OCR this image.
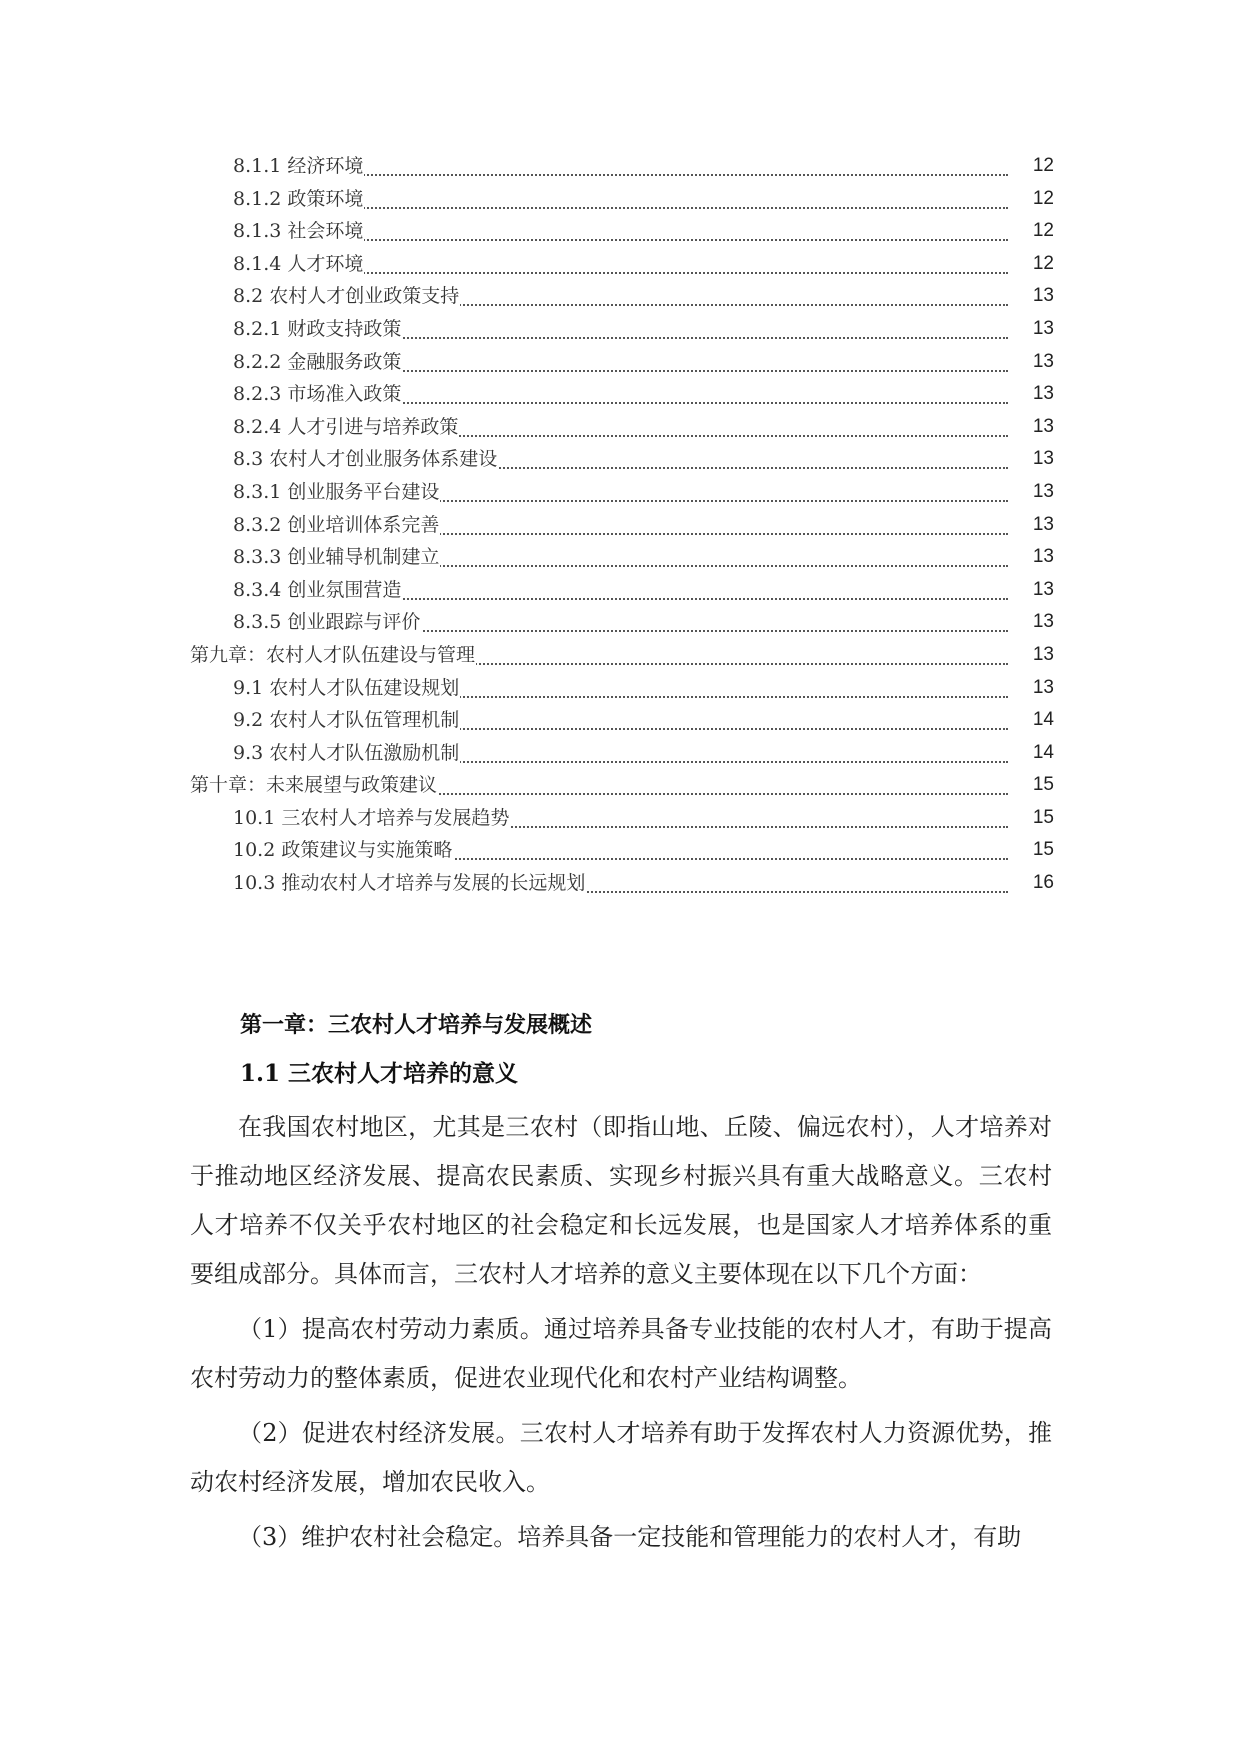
8.1.1 经济环境	12
8.1.2 政策环境	12
8.1.3 社会环境	12
8.1.4 人才环境	12
8.2 农村人才创业政策支持	13
8.2.1 财政支持政策	13
8.2.2 金融服务政策	13
8.2.3 市场准入政策	13
8.2.4 人才引进与培养政策	13
8.3 农村人才创业服务体系建设	13
8.3.1 创业服务平台建设	13
8.3.2 创业培训体系完善	13
8.3.3 创业辅导机制建立	13
8.3.4 创业氛围营造	13
8.3.5 创业跟踪与评价	13
第九章：农村人才队伍建设与管理	13
9.1 农村人才队伍建设规划	13
9.2 农村人才队伍管理机制	14
9.3 农村人才队伍激励机制	14
第十章：未来展望与政策建议	15
10.1 三农村人才培养与发展趋势	15
10.2 政策建议与实施策略	15
10.3 推动农村人才培养与发展的长远规划	16
第一章：三农村人才培养与发展概述
1.1 三农村人才培养的意义

在我国农村地区，尤其是三农村（即指山地、丘陵、偏远农村），人才培养对于推动地区经济发展、提高农民素质、实现乡村振兴具有重大战略意义。三农村人才培养不仅关乎农村地区的社会稳定和长远发展，也是国家人才培养体系的重要组成部分。具体而言，三农村人才培养的意义主要体现在以下几个方面：

（1）提高农村劳动力素质。通过培养具备专业技能的农村人才，有助于提高农村劳动力的整体素质，促进农业现代化和农村产业结构调整。

（2）促进农村经济发展。三农村人才培养有助于发挥农村人力资源优势，推动农村经济发展，增加农民收入。

（3）维护农村社会稳定。培养具备一定技能和管理能力的农村人才，有助
